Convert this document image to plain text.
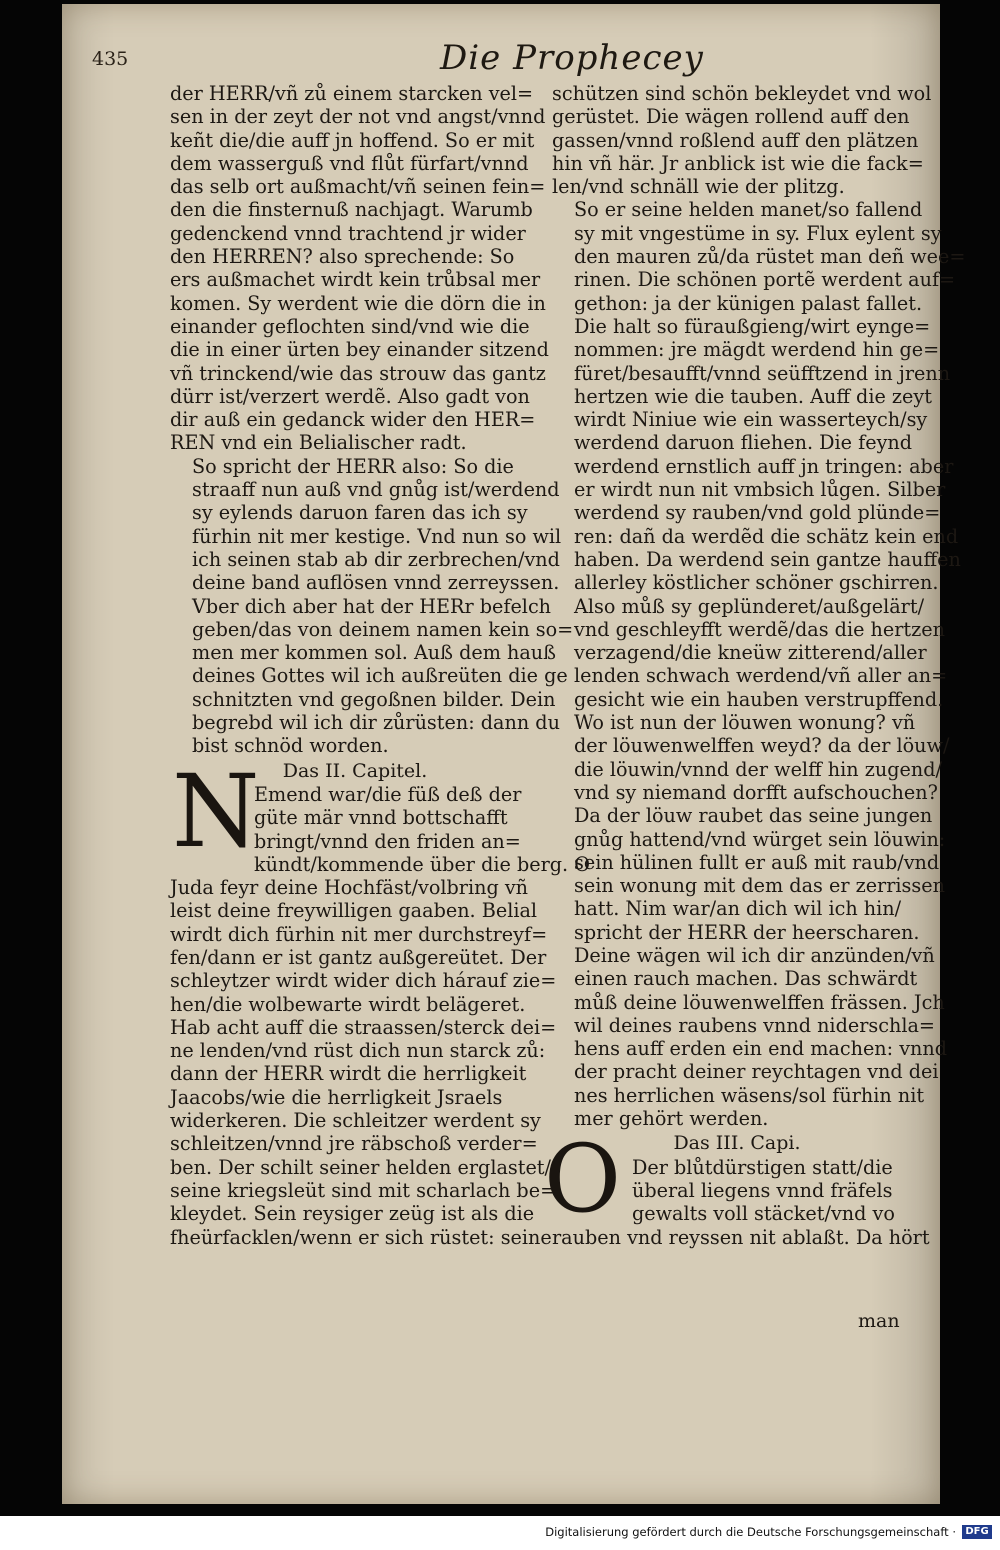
435	Die Prophecey
der HERR/vñ zů einem starcken vel=
sen in der zeyt der not vnd angst/vnnd
keñt die/die auff jn hoffend. So er mit
dem wasserguß vnd flůt fürfart/vnnd
das selb ort außmacht/vñ seinen fein=
den die finsternuß nachjagt. Warumb
gedenckend vnnd trachtend jr wider
den HERREN? also sprechende: So
ers außmachet wirdt kein trůbsal mer
komen. Sy werdent wie die dörn die in
einander geflochten sind/vnd wie die
die in einer ürten bey einander sitzend
vñ trinckend/wie das strouw das gantz
dürr ist/verzert werdẽ. Also gadt von
dir auß ein gedanck wider den HER=
REN vnd ein Belialischer radt.
So spricht der HERR also: So die
straaff nun auß vnd gnůg ist/werdend
sy eylends daruon faren das ich sy
fürhin nit mer kestige. Vnd nun so wil
ich seinen stab ab dir zerbrechen/vnd
deine band auflösen vnnd zerreyssen.
Vber dich aber hat der HERr befelch
geben/das von deinem namen kein so=
men mer kommen sol. Auß dem hauß
deines Gottes wil ich außreüten die ge
schnitzten vnd gegoßnen bilder. Dein
begrebd wil ich dir zůrüsten: dann du
bist schnöd worden.
N	Das II. Capitel.
Emend war/die füß deß der
güte mär vnnd bottschafft
bringt/vnnd den friden an=
kündt/kommende über die berg. O
Juda feyr deine Hochfäst/volbring vñ
leist deine freywilligen gaaben. Belial
wirdt dich fürhin nit mer durchstreyf=
fen/dann er ist gantz außgereütet. Der
schleytzer wirdt wider dich hárauf zie=
hen/die wolbewarte wirdt belägeret.
Hab acht auff die straassen/sterck dei=
ne lenden/vnd rüst dich nun starck zů:
dann der HERR wirdt die herrligkeit
Jaacobs/wie die herrligkeit Jsraels
widerkeren. Die schleitzer werdent sy
schleitzen/vnnd jre räbschoß verder=
ben. Der schilt seiner helden erglastet/
seine kriegsleüt sind mit scharlach be=
kleydet. Sein reysiger zeüg ist als die
fheürfacklen/wenn er sich rüstet: seine
schützen sind schön bekleydet vnd wol
gerüstet. Die wägen rollend auff den
gassen/vnnd roßlend auff den plätzen
hin vñ här. Jr anblick ist wie die fack=
len/vnd schnäll wie der plitzg.
So er seine helden manet/so fallend
sy mit vngestüme in sy. Flux eylent sy
den mauren zů/da rüstet man deñ wee=
rinen. Die schönen portẽ werdent auf=
gethon: ja der künigen palast fallet.
Die halt so füraußgieng/wirt eynge=
nommen: jre mägdt werdend hin ge=
füret/besaufft/vnnd seüfftzend in jrenn
hertzen wie die tauben. Auff die zeyt
wirdt Niniue wie ein wasserteych/sy
werdend daruon fliehen. Die feynd
werdend ernstlich auff jn tringen: aber
er wirdt nun nit vmbsich lůgen. Silber
werdend sy rauben/vnd gold plünde=
ren: dañ da werdẽd die schätz kein end
haben. Da werdend sein gantze hauffen
allerley köstlicher schöner gschirren.
Also můß sy geplünderet/außgelärt/
vnd geschleyfft werdẽ/das die hertzen
verzagend/die kneüw zitterend/aller
lenden schwach werdend/vñ aller an=
gesicht wie ein hauben verstrupffend.
Wo ist nun der löuwen wonung? vñ
der löuwenwelffen weyd? da der löuw/
die löuwin/vnnd der welff hin zugend/
vnd sy niemand dorfft aufschouchen?
Da der löuw raubet das seine jungen
gnůg hattend/vnd würget sein löuwin:
sein hülinen fullt er auß mit raub/vnd
sein wonung mit dem das er zerrissen
hatt. Nim war/an dich wil ich hin/
spricht der HERR der heerscharen.
Deine wägen wil ich dir anzünden/vñ
einen rauch machen. Das schwärdt
můß deine löuwenwelffen frässen. Jch
wil deines raubens vnnd niderschla=
hens auff erden ein end machen: vnnd
der pracht deiner reychtagen vnd dei
nes herrlichen wäsens/sol fürhin nit
mer gehört werden.
O	Das III. Capi.
Der blůtdürstigen statt/die
überal liegens vnnd fräfels
gewalts voll stäcket/vnd vo
rauben vnd reyssen nit ablaßt. Da hört
man
Digitalisierung gefördert durch die Deutsche Forschungsgemeinschaft · DFG
